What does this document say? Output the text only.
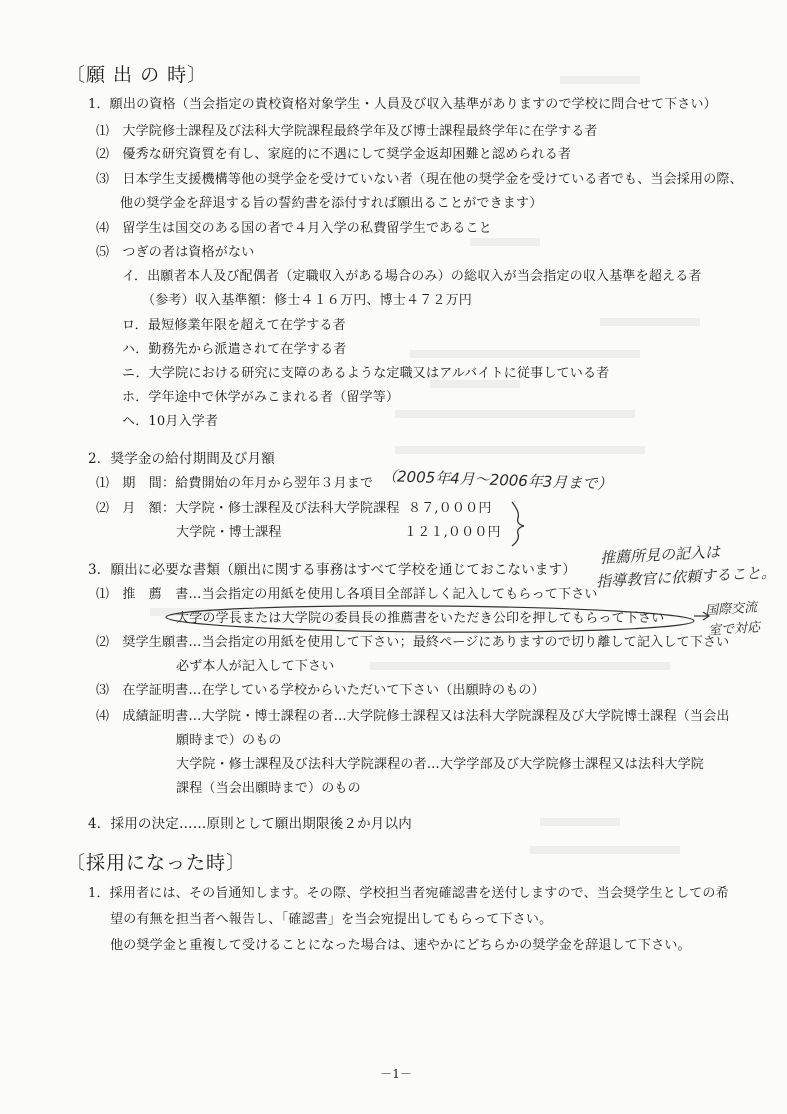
〔願 出 の 時〕
1．願出の資格（当会指定の貴校資格対象学生・人員及び収入基準がありますので学校に問合せて下さい）
⑴　大学院修士課程及び法科大学院課程最終学年及び博士課程最終学年に在学する者
⑵　優秀な研究資質を有し、家庭的に不遇にして奨学金返却困難と認められる者
⑶　日本学生支援機構等他の奨学金を受けていない者（現在他の奨学金を受けている者でも、当会採用の際、
他の奨学金を辞退する旨の誓約書を添付すれば願出ることができます）
⑷　留学生は国交のある国の者で４月入学の私費留学生であること
⑸　つぎの者は資格がない
イ．出願者本人及び配偶者（定職収入がある場合のみ）の総収入が当会指定の収入基準を超える者
（参考）収入基準額：修士４１６万円、博士４７２万円
ロ．最短修業年限を超えて在学する者
ハ．勤務先から派遣されて在学する者
ニ．大学院における研究に支障のあるような定職又はアルバイトに従事している者
ホ．学年途中で休学がみこまれる者（留学等）
ヘ．10月入学者
2．奨学金の給付期間及び月額
⑴　期　間：給費開始の年月から翌年３月まで
⑵　月　額：大学院・修士課程及び法科大学院課程 ８７,０００円
大学院・博士課程	１２１,０００円
3．願出に必要な書類（願出に関する事務はすべて学校を通じておこないます）
⑴　推　薦　書…当会指定の用紙を使用し各項目全部詳しく記入してもらって下さい
大学の学長または大学院の委員長の推薦書をいただき公印を押してもらって下さい
⑵　奨学生願書…当会指定の用紙を使用して下さい；最終ページにありますので切り離して記入して下さい
必ず本人が記入して下さい
⑶　在学証明書…在学している学校からいただいて下さい（出願時のもの）
⑷　成績証明書…大学院・博士課程の者…大学院修士課程又は法科大学院課程及び大学院博士課程（当会出
願時まで）のもの
大学院・修士課程及び法科大学院課程の者…大学学部及び大学院修士課程又は法科大学院
課程（当会出願時まで）のもの
4．採用の決定……原則として願出期限後２か月以内
〔採用になった時〕
1．採用者には、その旨通知します。その際、学校担当者宛確認書を送付しますので、当会奨学生としての希
望の有無を担当者へ報告し、「確認書」を当会宛提出してもらって下さい。
他の奨学金と重複して受けることになった場合は、速やかにどちらかの奨学金を辞退して下さい。
（2005年4月〜2006年3月まで）
推薦所見の記入は
指導教官に依頼すること。
国際交流
室で対応
－1－
